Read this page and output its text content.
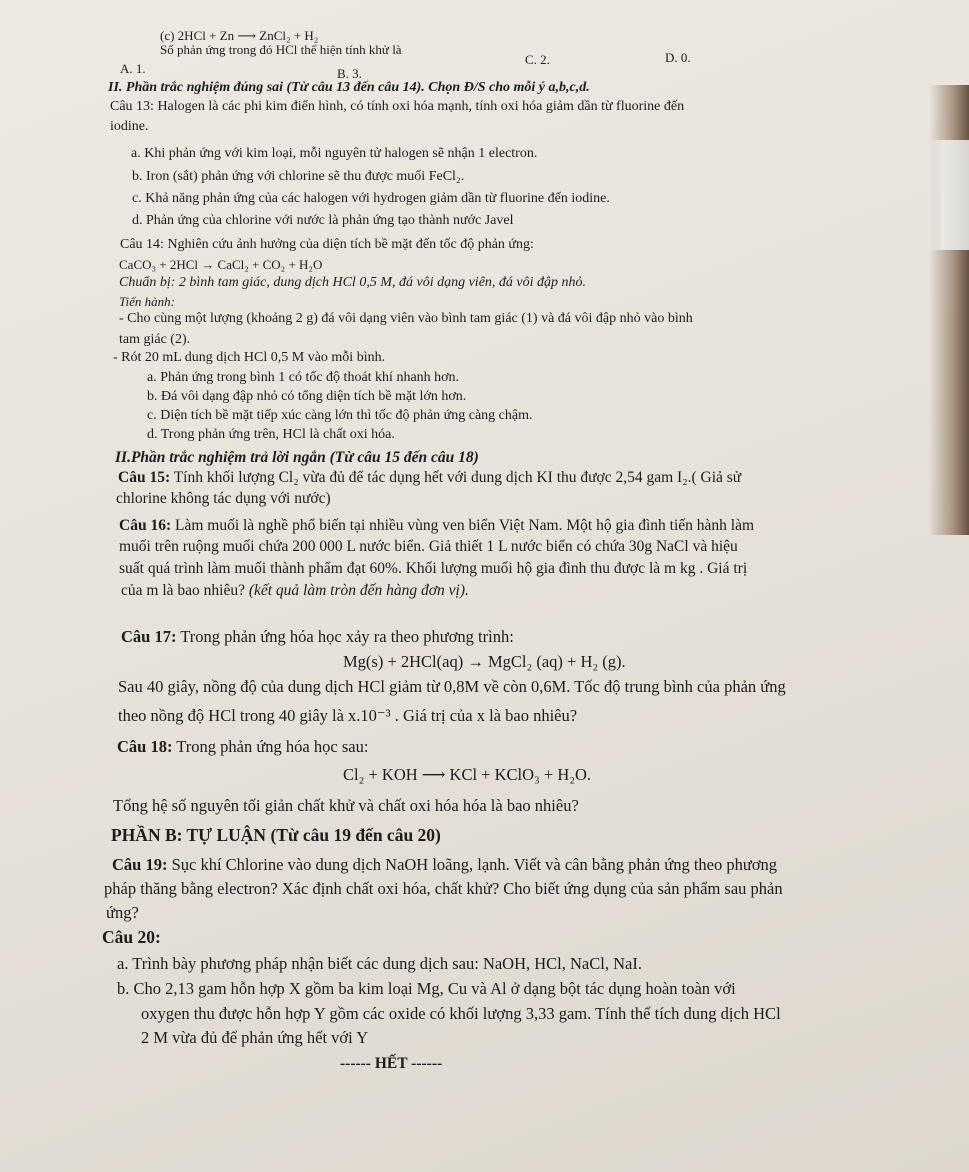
(c) 2HCl + Zn ⟶ ZnCl₂ + H₂
Số phản ứng trong đó HCl thể hiện tính khử là
A. 1.	B. 3.
C. 2.	D. 0.
II. Phần trắc nghiệm đúng sai (Từ câu 13 đến câu 14). Chọn Đ/S cho mỗi ý a,b,c,d.
Câu 13: Halogen là các phi kim điển hình, có tính oxi hóa mạnh, tính oxi hóa giảm dần từ fluorine đến
iodine.
a. Khi phản ứng với kim loại, mỗi nguyên tử halogen sẽ nhận 1 electron.
b. Iron (sắt) phản ứng với chlorine sẽ thu được muối FeCl₂.
c. Khả năng phản ứng của các halogen với hydrogen giảm dần từ fluorine đến iodine.
d. Phản ứng của chlorine với nước là phản ứng tạo thành nước Javel
Câu 14: Nghiên cứu ảnh hưởng của diện tích bề mặt đến tốc độ phản ứng:
CaCO₃ + 2HCl → CaCl₂ + CO₂ + H₂O
Chuẩn bị: 2 bình tam giác, dung dịch HCl 0,5 M, đá vôi dạng viên, đá vôi đập nhỏ.
Tiến hành:
- Cho cùng một lượng (khoảng 2 g) đá vôi dạng viên vào bình tam giác (1) và đá vôi đập nhỏ vào bình
tam giác (2).
- Rót 20 mL dung dịch HCl 0,5 M vào mỗi bình.
a. Phản ứng trong bình 1 có tốc độ thoát khí nhanh hơn.
b. Đá vôi dạng đập nhỏ có tổng diện tích bề mặt lớn hơn.
c. Diện tích bề mặt tiếp xúc càng lớn thì tốc độ phản ứng càng chậm.
d. Trong phản ứng trên, HCl là chất oxi hóa.
II.Phần trắc nghiệm trả lời ngắn (Từ câu 15 đến câu 18)
Câu 15: Tính khối lượng Cl₂ vừa đủ để tác dụng hết với dung dịch KI thu được 2,54 gam I₂.( Giả sử
chlorine không tác dụng với nước)
Câu 16: Làm muối là nghề phổ biến tại nhiều vùng ven biển Việt Nam. Một hộ gia đình tiến hành làm
muối trên ruộng muối chứa 200 000 L nước biển. Giả thiết 1 L nước biển có chứa 30g NaCl và hiệu
suất quá trình làm muối thành phẩm đạt 60%. Khối lượng muối hộ gia đình thu được là m kg . Giá trị
của m là bao nhiêu? (kết quả làm tròn đến hàng đơn vị).
Câu 17: Trong phản ứng hóa học xảy ra theo phương trình:
Mg(s) + 2HCl(aq) → MgCl₂ (aq) + H₂ (g).
Sau 40 giây, nồng độ của dung dịch HCl giảm từ 0,8M về còn 0,6M. Tốc độ trung bình của phản ứng
theo nồng độ HCl trong 40 giây là x.10⁻³ . Giá trị của x là bao nhiêu?
Câu 18: Trong phản ứng hóa học sau:
Cl₂ + KOH ⟶ KCl + KClO₃ + H₂O.
Tổng hệ số nguyên tối giản chất khử và chất oxi hóa hóa là bao nhiêu?
PHẦN B: TỰ LUẬN (Từ câu 19 đến câu 20)
Câu 19: Sục khí Chlorine vào dung dịch NaOH loãng, lạnh. Viết và cân bằng phản ứng theo phương
pháp thăng bằng electron? Xác định chất oxi hóa, chất khử? Cho biết ứng dụng của sản phẩm sau phản
ứng?
Câu 20:
a. Trình bày phương pháp nhận biết các dung dịch sau: NaOH, HCl, NaCl, NaI.
b. Cho 2,13 gam hỗn hợp X gồm ba kim loại Mg, Cu và Al ở dạng bột tác dụng hoàn toàn với
oxygen thu được hỗn hợp Y gồm các oxide có khối lượng 3,33 gam. Tính thể tích dung dịch HCl
2 M vừa đủ để phản ứng hết với Y
------ HẾT ------
